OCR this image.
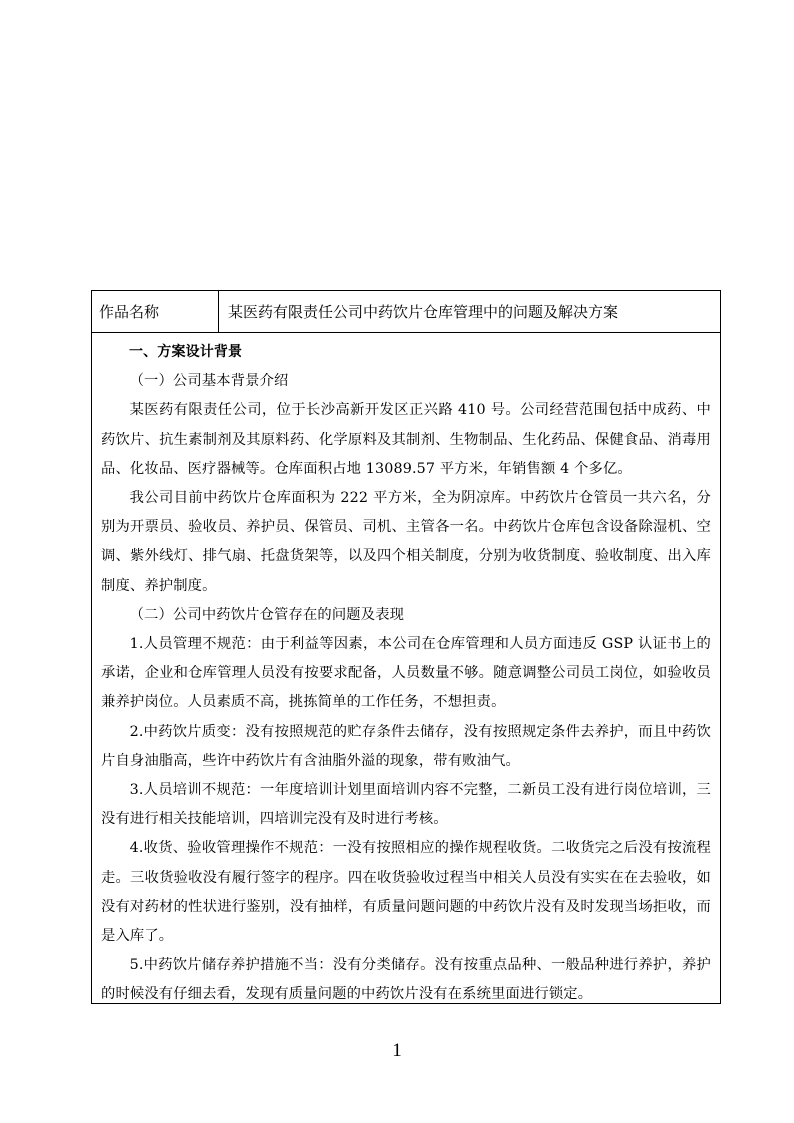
作品名称	某医药有限责任公司中药饮片仓库管理中的问题及解决方案

一、方案设计背景

（一）公司基本背景介绍

某医药有限责任公司，位于长沙高新开发区正兴路 410 号。公司经营范围包括中成药、中药饮片、抗生素制剂及其原料药、化学原料及其制剂、生物制品、生化药品、保健食品、消毒用品、化妆品、医疗器械等。仓库面积占地 13089.57 平方米，年销售额 4 个多亿。

我公司目前中药饮片仓库面积为 222 平方米，全为阴凉库。中药饮片仓管员一共六名，分别为开票员、验收员、养护员、保管员、司机、主管各一名。中药饮片仓库包含设备除湿机、空调、紫外线灯、排气扇、托盘货架等，以及四个相关制度，分别为收货制度、验收制度、出入库制度、养护制度。

（二）公司中药饮片仓管存在的问题及表现

1.人员管理不规范：由于利益等因素，本公司在仓库管理和人员方面违反 GSP 认证书上的承诺，企业和仓库管理人员没有按要求配备，人员数量不够。随意调整公司员工岗位，如验收员兼养护岗位。人员素质不高，挑拣简单的工作任务，不想担责。

2.中药饮片质变：没有按照规范的贮存条件去储存，没有按照规定条件去养护，而且中药饮片自身油脂高，些许中药饮片有含油脂外溢的现象，带有败油气。

3.人员培训不规范：一年度培训计划里面培训内容不完整，二新员工没有进行岗位培训，三没有进行相关技能培训，四培训完没有及时进行考核。

4.收货、验收管理操作不规范：一没有按照相应的操作规程收货。二收货完之后没有按流程走。三收货验收没有履行签字的程序。四在收货验收过程当中相关人员没有实实在在去验收，如没有对药材的性状进行鉴别，没有抽样，有质量问题问题的中药饮片没有及时发现当场拒收，而是入库了。

5.中药饮片储存养护措施不当：没有分类储存。没有按重点品种、一般品种进行养护，养护的时候没有仔细去看，发现有质量问题的中药饮片没有在系统里面进行锁定。

1
